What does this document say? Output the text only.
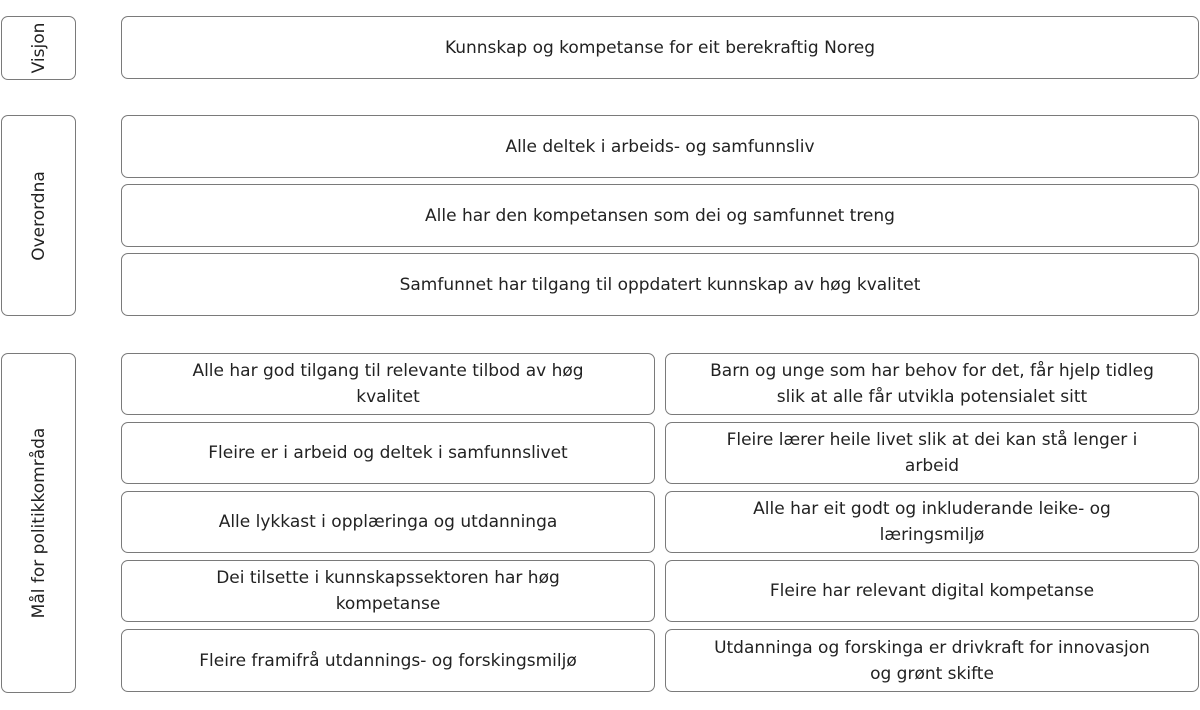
Visjon	Kunnskap og kompetanse for eit berekraftig Noreg
Overordna
Alle deltek i arbeids- og samfunnsliv
Alle har den kompetansen som dei og samfunnet treng
Samfunnet har tilgang til oppdatert kunnskap av høg kvalitet
Mål for politikkområda
Alle har god tilgang til relevante tilbod av høg kvalitet
Fleire er i arbeid og deltek i samfunnslivet
Alle lykkast i opplæringa og utdanninga
Dei tilsette i kunnskapssektoren har høg kompetanse
Fleire framifrå utdannings- og forskingsmiljø
Barn og unge som har behov for det, får hjelp tidleg slik at alle får utvikla potensialet sitt
Fleire lærer heile livet slik at dei kan stå lenger i arbeid
Alle har eit godt og inkluderande leike- og læringsmiljø
Fleire har relevant digital kompetanse
Utdanninga og forskinga er drivkraft for innovasjon og grønt skifte
